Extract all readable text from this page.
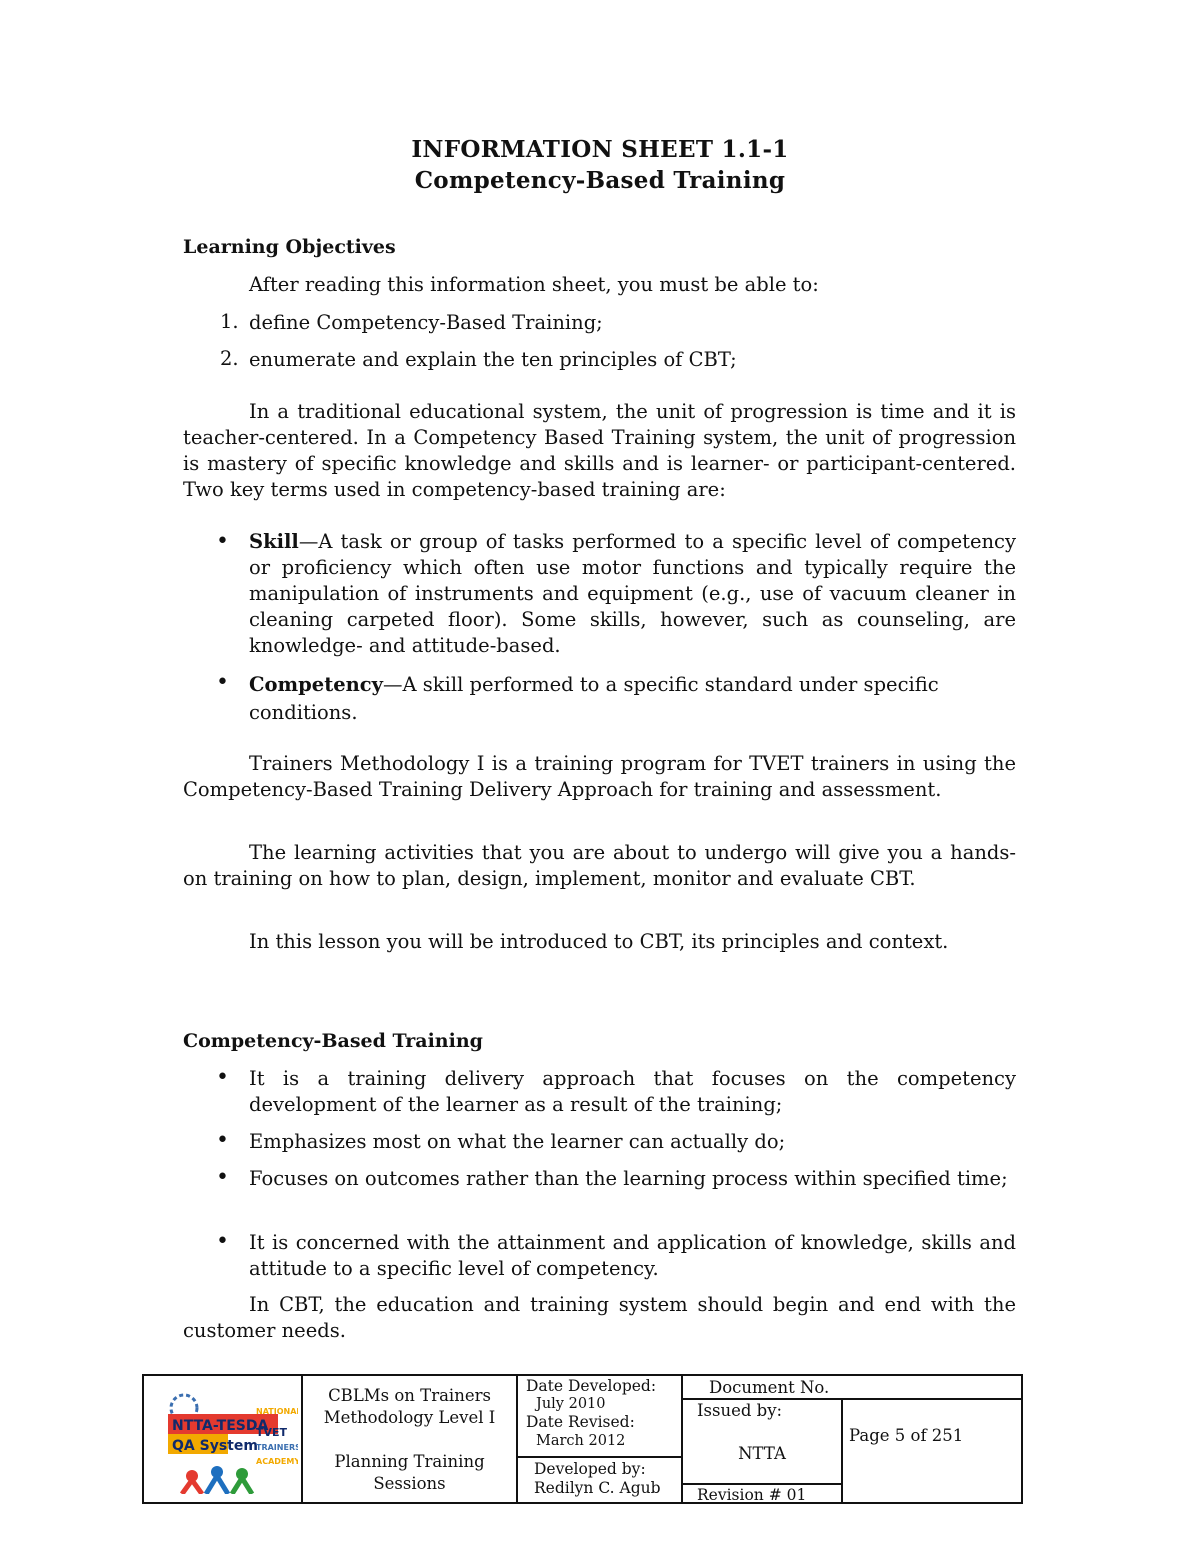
INFORMATION SHEET 1.1-1
Competency-Based Training
Learning Objectives
After reading this information sheet, you must be able to:
1. define Competency-Based Training;
2. enumerate and explain the ten principles of CBT;
In a traditional educational system, the unit of progression is time and it is teacher-centered. In a Competency Based Training system, the unit of progression is mastery of specific knowledge and skills and is learner- or participant-centered. Two key terms used in competency-based training are:
• Skill—A task or group of tasks performed to a specific level of competency or proficiency which often use motor functions and typically require the manipulation of instruments and equipment (e.g., use of vacuum cleaner in cleaning carpeted floor). Some skills, however, such as counseling, are knowledge- and attitude-based.
• Competency—A skill performed to a specific standard under specific conditions.
Trainers Methodology I is a training program for TVET trainers in using the Competency-Based Training Delivery Approach for training and assessment.
The learning activities that you are about to undergo will give you a hands-on training on how to plan, design, implement, monitor and evaluate CBT.
In this lesson you will be introduced to CBT, its principles and context.
Competency-Based Training
• It is a training delivery approach that focuses on the competency development of the learner as a result of the training;
• Emphasizes most on what the learner can actually do;
• Focuses on outcomes rather than the learning process within specified time;
• It is concerned with the attainment and application of knowledge, skills and attitude to a specific level of competency.
In CBT, the education and training system should begin and end with the customer needs.
NTTA-TESDA
QA System
NATIONAL
TVET
TRAINERS
ACADEMY
CBLMs on Trainers
Methodology Level I
Planning Training
Sessions
Date Developed:
July 2010
Date Revised:
March 2012
Developed by:
Redilyn C. Agub
Document No.
Issued by:
NTTA
Revision # 01
Page 5 of 251
